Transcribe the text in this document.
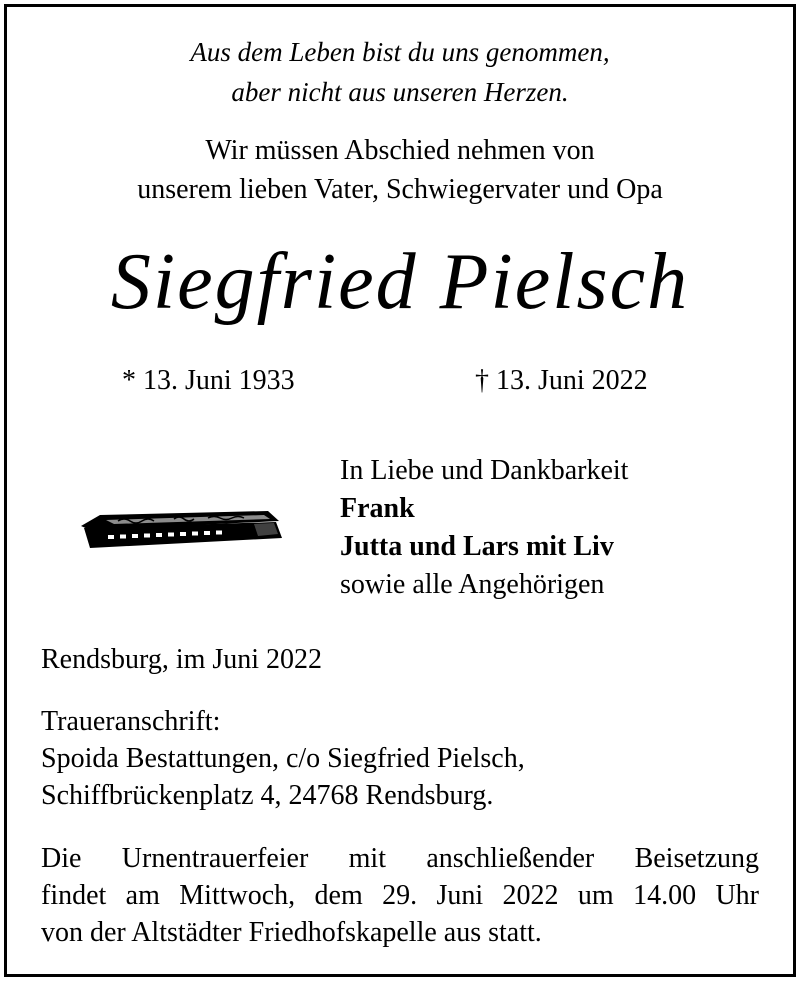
Aus dem Leben bist du uns genommen,
aber nicht aus unseren Herzen.
Wir müssen Abschied nehmen von
unserem lieben Vater, Schwiegervater und Opa
Siegfried Pielsch
* 13. Juni 1933	† 13. Juni 2022
In Liebe und Dankbarkeit
Frank
Jutta und Lars mit Liv
sowie alle Angehörigen
Rendsburg, im Juni 2022
Traueranschrift:
Spoida Bestattungen, c/o Siegfried Pielsch,
Schiffbrückenplatz 4, 24768 Rendsburg.
Die Urnentrauerfeier mit anschließender Beisetzung
findet am Mittwoch, dem 29. Juni 2022 um 14.00 Uhr
von der Altstädter Friedhofskapelle aus statt.
